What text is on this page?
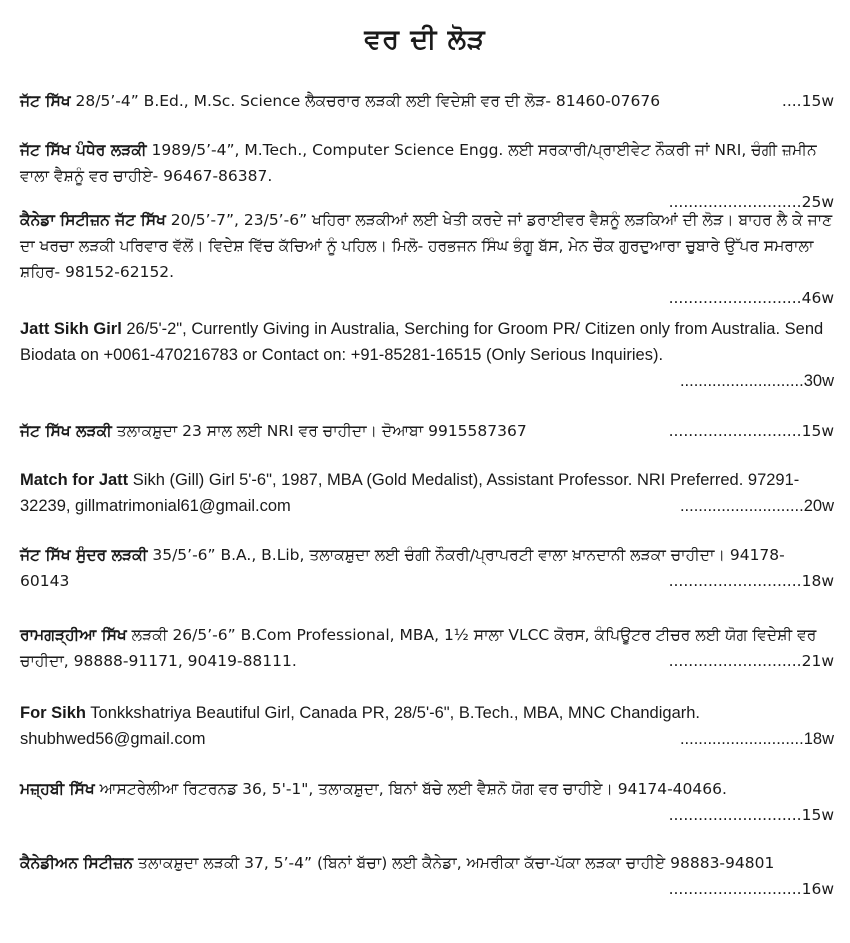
ਵਰ ਦੀ ਲੋੜ

ਜੱਟ ਸਿੱਖ 28/5’-4” B.Ed., M.Sc. Science ਲੈਕਚਰਾਰ ਲੜਕੀ ਲਈ ਵਿਦੇਸ਼ੀ ਵਰ ਦੀ ਲੋੜ- 81460-07676	....15w

ਜੱਟ ਸਿੱਖ ਪੰਧੇਰ ਲੜਕੀ 1989/5’-4”, M.Tech., Computer Science Engg. ਲਈ ਸਰਕਾਰੀ/ਪ੍ਰਾਈਵੇਟ ਨੌਕਰੀ ਜਾਂ NRI, ਚੰਗੀ ਜ਼ਮੀਨ ਵਾਲਾ ਵੈਸ਼ਨੂੰ ਵਰ ਚਾਹੀਏ- 96467-86387.

...........................25w

ਕੈਨੇਡਾ ਸਿਟੀਜ਼ਨ ਜੱਟ ਸਿੱਖ 20/5’-7”, 23/5’-6” ਖਹਿਰਾ ਲੜਕੀਆਂ ਲਈ ਖੇਤੀ ਕਰਦੇ ਜਾਂ ਡਰਾਈਵਰ ਵੈਸ਼ਨੂੰ ਲੜਕਿਆਂ ਦੀ ਲੋੜ। ਬਾਹਰ ਲੈ ਕੇ ਜਾਣ ਦਾ ਖਰਚਾ ਲੜਕੀ ਪਰਿਵਾਰ ਵੱਲੋਂ। ਵਿਦੇਸ਼ ਵਿੱਚ ਕੱਚਿਆਂ ਨੂੰ ਪਹਿਲ। ਮਿਲੋ- ਹਰਭਜਨ ਸਿੰਘ ਭੰਗੂ ਬੱਸ, ਮੇਨ ਚੌਕ ਗੁਰਦੁਆਰਾ ਚੁਬਾਰੇ ਉੱਪਰ ਸਮਰਾਲਾ ਸ਼ਹਿਰ- 98152-62152.

...........................46w

Jatt Sikh Girl 26/5'-2", Currently Giving in Australia, Serching for Groom PR/ Citizen only from Australia. Send Biodata on +0061-470216783 or Contact on: +91-85281-16515 (Only Serious Inquiries).

...........................30w

ਜੱਟ ਸਿੱਖ ਲੜਕੀ ਤਲਾਕਸ਼ੁਦਾ 23 ਸਾਲ ਲਈ NRI ਵਰ ਚਾਹੀਦਾ। ਦੋਆਬਾ 9915587367	...........................15w

Match for Jatt Sikh (Gill) Girl 5'-6", 1987, MBA (Gold Medalist), Assistant Professor. NRI Preferred. 97291-32239, gillmatrimonial61@gmail.com	...........................20w

ਜੱਟ ਸਿੱਖ ਸੁੰਦਰ ਲੜਕੀ 35/5’-6” B.A., B.Lib, ਤਲਾਕਸ਼ੁਦਾ ਲਈ ਚੰਗੀ ਨੌਕਰੀ/ਪ੍ਰਾਪਰਟੀ ਵਾਲਾ ਖ਼ਾਨਦਾਨੀ ਲੜਕਾ ਚਾਹੀਦਾ। 94178-60143	...........................18w

ਰਾਮਗੜ੍ਹੀਆ ਸਿੱਖ ਲੜਕੀ 26/5’-6” B.Com Professional, MBA, 1½ ਸਾਲਾ VLCC ਕੋਰਸ, ਕੰਪਿਊਟਰ ਟੀਚਰ ਲਈ ਯੋਗ ਵਿਦੇਸ਼ੀ ਵਰ ਚਾਹੀਦਾ, 98888-91171, 90419-88111.	...........................21w

For Sikh Tonkkshatriya Beautiful Girl, Canada PR, 28/5'-6", B.Tech., MBA, MNC Chandigarh. shubhwed56@gmail.com	...........................18w

ਮਜ਼੍ਹਬੀ ਸਿੱਖ ਆਸਟਰੇਲੀਆ ਰਿਟਰਨਡ 36, 5'-1", ਤਲਾਕਸ਼ੁਦਾ, ਬਿਨਾਂ ਬੱਚੇ ਲਈ ਵੈਸ਼ਨੋ ਯੋਗ ਵਰ ਚਾਹੀਏ। 94174-40466.

...........................15w

ਕੈਨੇਡੀਅਨ ਸਿਟੀਜ਼ਨ ਤਲਾਕਸ਼ੁਦਾ ਲੜਕੀ 37, 5’-4” (ਬਿਨਾਂ ਬੱਚਾ) ਲਈ ਕੈਨੇਡਾ, ਅਮਰੀਕਾ ਕੱਚਾ-ਪੱਕਾ ਲੜਕਾ ਚਾਹੀਏ 98883-94801

...........................16w
